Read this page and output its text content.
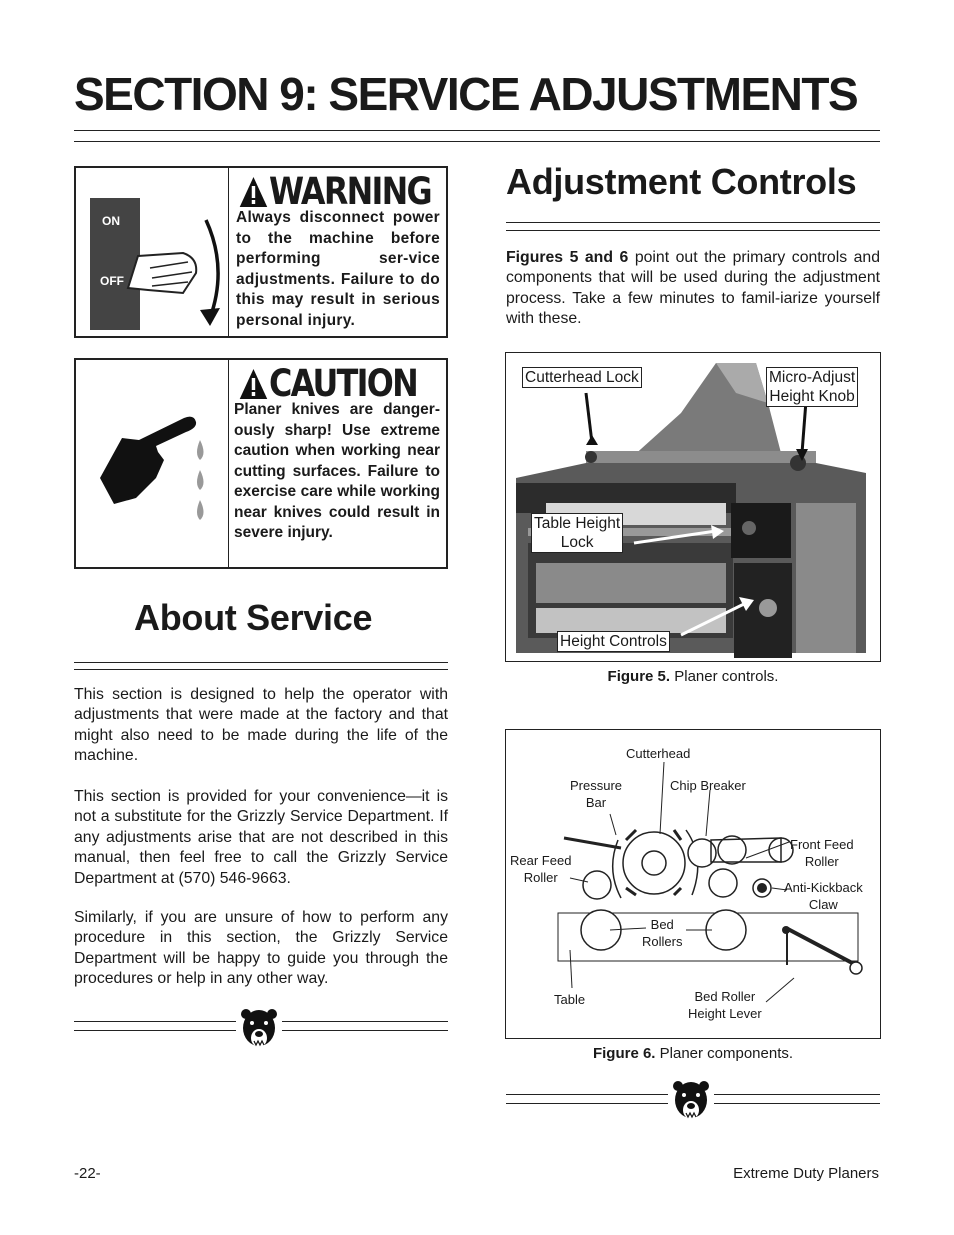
SECTION 9: SERVICE ADJUSTMENTS
ON
OFF
WARNING
Always disconnect power to the machine before performing ser-vice adjustments. Failure to do this may result in serious personal injury.
CAUTION
Planer knives are danger-ously sharp! Use extreme caution when working near cutting surfaces. Failure to exercise care while working near knives could result in severe injury.
About Service
This section is designed to help the operator with adjustments that were made at the factory and that might also need to be made during the life of the machine.
This section is provided for your convenience—it is not a substitute for the Grizzly Service Department. If any adjustments arise that are not described in this manual, then feel free to call the Grizzly Service Department at (570) 546-9663.
Similarly, if you are unsure of how to perform any procedure in this section, the Grizzly Service Department will be happy to guide you through the procedures or help in any other way.
Adjustment Controls
Figures 5 and 6 point out the primary controls and components that will be used during the adjustment process. Take a few minutes to famil-iarize yourself with these.
Cutterhead Lock	Micro-Adjust
Height Knob
Table Height
Lock
Height Controls
Figure 5. Planer controls.
Cutterhead
Pressure
Bar
Chip Breaker
Front Feed
Roller
Rear Feed
Roller
Anti-Kickback
Claw
Bed
Rollers
Table	Bed Roller
Height Lever
Figure 6. Planer components.
-22-	Extreme Duty Planers
